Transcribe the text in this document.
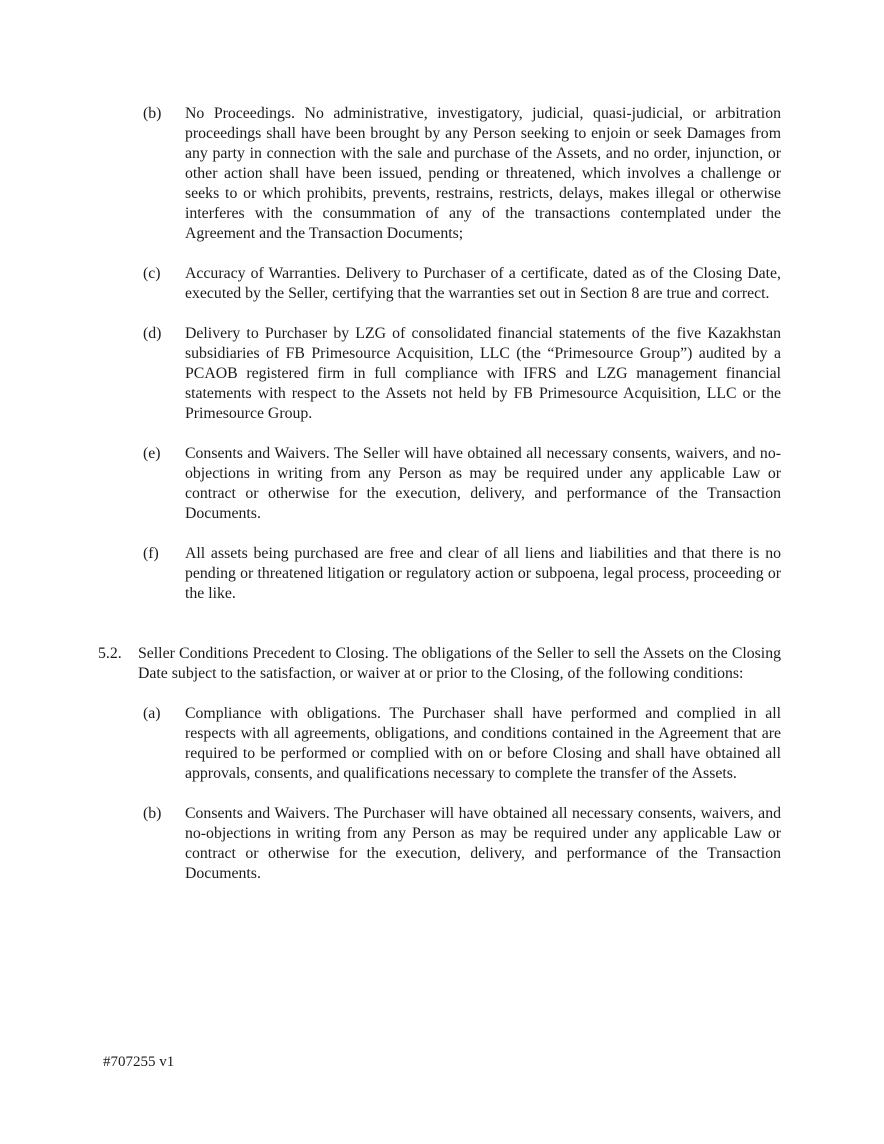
(b)	No Proceedings. No administrative, investigatory, judicial, quasi-judicial, or arbitration proceedings shall have been brought by any Person seeking to enjoin or seek Damages from any party in connection with the sale and purchase of the Assets, and no order, injunction, or other action shall have been issued, pending or threatened, which involves a challenge or seeks to or which prohibits, prevents, restrains, restricts, delays, makes illegal or otherwise interferes with the consummation of any of the transactions contemplated under the Agreement and the Transaction Documents;
(c)	Accuracy of Warranties. Delivery to Purchaser of a certificate, dated as of the Closing Date, executed by the Seller, certifying that the warranties set out in Section 8 are true and correct.
(d)	Delivery to Purchaser by LZG of consolidated financial statements of the five Kazakhstan subsidiaries of FB Primesource Acquisition, LLC (the “Primesource Group”) audited by a PCAOB registered firm in full compliance with IFRS and LZG management financial statements with respect to the Assets not held by FB Primesource Acquisition, LLC or the Primesource Group.
(e)	Consents and Waivers. The Seller will have obtained all necessary consents, waivers, and no-objections in writing from any Person as may be required under any applicable Law or contract or otherwise for the execution, delivery, and performance of the Transaction Documents.
(f)	All assets being purchased are free and clear of all liens and liabilities and that there is no pending or threatened litigation or regulatory action or subpoena, legal process, proceeding or the like.
5.2.	Seller Conditions Precedent to Closing. The obligations of the Seller to sell the Assets on the Closing Date subject to the satisfaction, or waiver at or prior to the Closing, of the following conditions:
(a)	Compliance with obligations. The Purchaser shall have performed and complied in all respects with all agreements, obligations, and conditions contained in the Agreement that are required to be performed or complied with on or before Closing and shall have obtained all approvals, consents, and qualifications necessary to complete the transfer of the Assets.
(b)	Consents and Waivers. The Purchaser will have obtained all necessary consents, waivers, and no-objections in writing from any Person as may be required under any applicable Law or contract or otherwise for the execution, delivery, and performance of the Transaction Documents.
#707255 v1
